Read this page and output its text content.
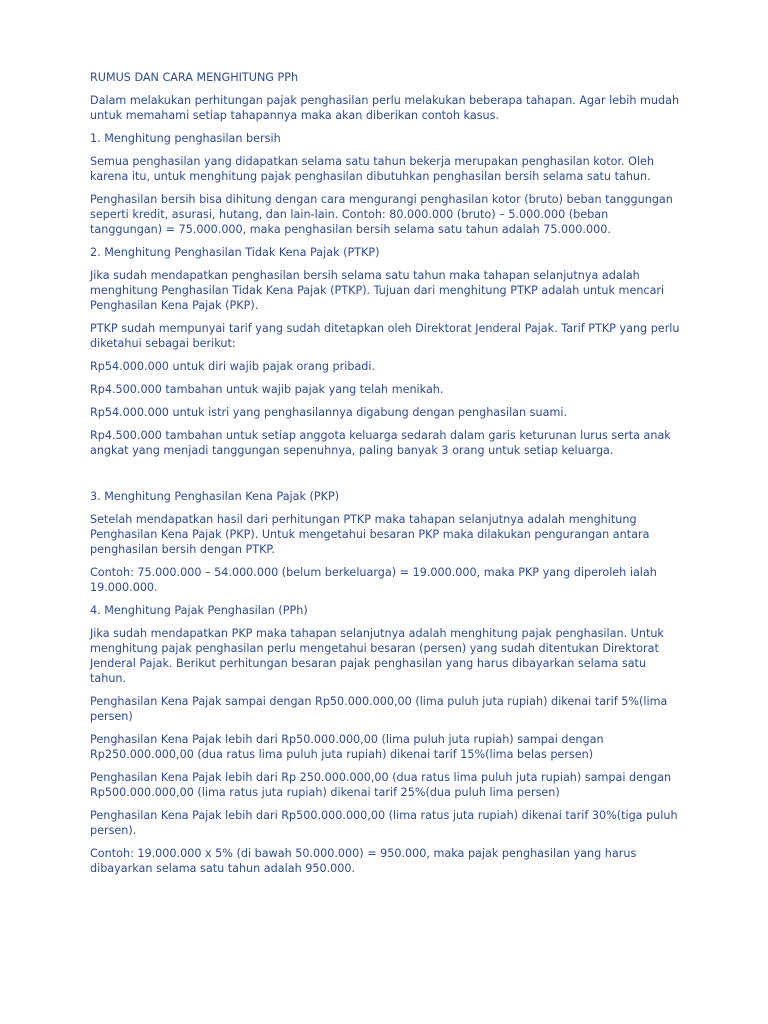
RUMUS DAN CARA MENGHITUNG PPh

Dalam melakukan perhitungan pajak penghasilan perlu melakukan beberapa tahapan. Agar lebih mudah untuk memahami setiap tahapannya maka akan diberikan contoh kasus.

1. Menghitung penghasilan bersih

Semua penghasilan yang didapatkan selama satu tahun bekerja merupakan penghasilan kotor. Oleh karena itu, untuk menghitung pajak penghasilan dibutuhkan penghasilan bersih selama satu tahun.

Penghasilan bersih bisa dihitung dengan cara mengurangi penghasilan kotor (bruto) beban tanggungan seperti kredit, asurasi, hutang, dan lain-lain. Contoh: 80.000.000 (bruto) – 5.000.000 (beban tanggungan) = 75.000.000, maka penghasilan bersih selama satu tahun adalah 75.000.000.

2. Menghitung Penghasilan Tidak Kena Pajak (PTKP)

Jika sudah mendapatkan penghasilan bersih selama satu tahun maka tahapan selanjutnya adalah menghitung Penghasilan Tidak Kena Pajak (PTKP). Tujuan dari menghitung PTKP adalah untuk mencari Penghasilan Kena Pajak (PKP).

PTKP sudah mempunyai tarif yang sudah ditetapkan oleh Direktorat Jenderal Pajak. Tarif PTKP yang perlu diketahui sebagai berikut:

Rp54.000.000 untuk diri wajib pajak orang pribadi.

Rp4.500.000 tambahan untuk wajib pajak yang telah menikah.

Rp54.000.000 untuk istri yang penghasilannya digabung dengan penghasilan suami.

Rp4.500.000 tambahan untuk setiap anggota keluarga sedarah dalam garis keturunan lurus serta anak angkat yang menjadi tanggungan sepenuhnya, paling banyak 3 orang untuk setiap keluarga.

3. Menghitung Penghasilan Kena Pajak (PKP)

Setelah mendapatkan hasil dari perhitungan PTKP maka tahapan selanjutnya adalah menghitung Penghasilan Kena Pajak (PKP). Untuk mengetahui besaran PKP maka dilakukan pengurangan antara penghasilan bersih dengan PTKP.

Contoh: 75.000.000 – 54.000.000 (belum berkeluarga) = 19.000.000, maka PKP yang diperoleh ialah 19.000.000.

4. Menghitung Pajak Penghasilan (PPh)

Jika sudah mendapatkan PKP maka tahapan selanjutnya adalah menghitung pajak penghasilan. Untuk menghitung pajak penghasilan perlu mengetahui besaran (persen) yang sudah ditentukan Direktorat Jenderal Pajak. Berikut perhitungan besaran pajak penghasilan yang harus dibayarkan selama satu tahun.

Penghasilan Kena Pajak sampai dengan Rp50.000.000,00 (lima puluh juta rupiah) dikenai tarif 5%(lima persen)

Penghasilan Kena Pajak lebih dari Rp50.000.000,00 (lima puluh juta rupiah) sampai dengan Rp250.000.000,00 (dua ratus lima puluh juta rupiah) dikenai tarif 15%(lima belas persen)

Penghasilan Kena Pajak lebih dari Rp 250.000.000,00 (dua ratus lima puluh juta rupiah) sampai dengan Rp500.000.000,00 (lima ratus juta rupiah) dikenai tarif 25%(dua puluh lima persen)

Penghasilan Kena Pajak lebih dari Rp500.000.000,00 (lima ratus juta rupiah) dikenai tarif 30%(tiga puluh persen).

Contoh: 19.000.000 x 5% (di bawah 50.000.000) = 950.000, maka pajak penghasilan yang harus dibayarkan selama satu tahun adalah 950.000.
